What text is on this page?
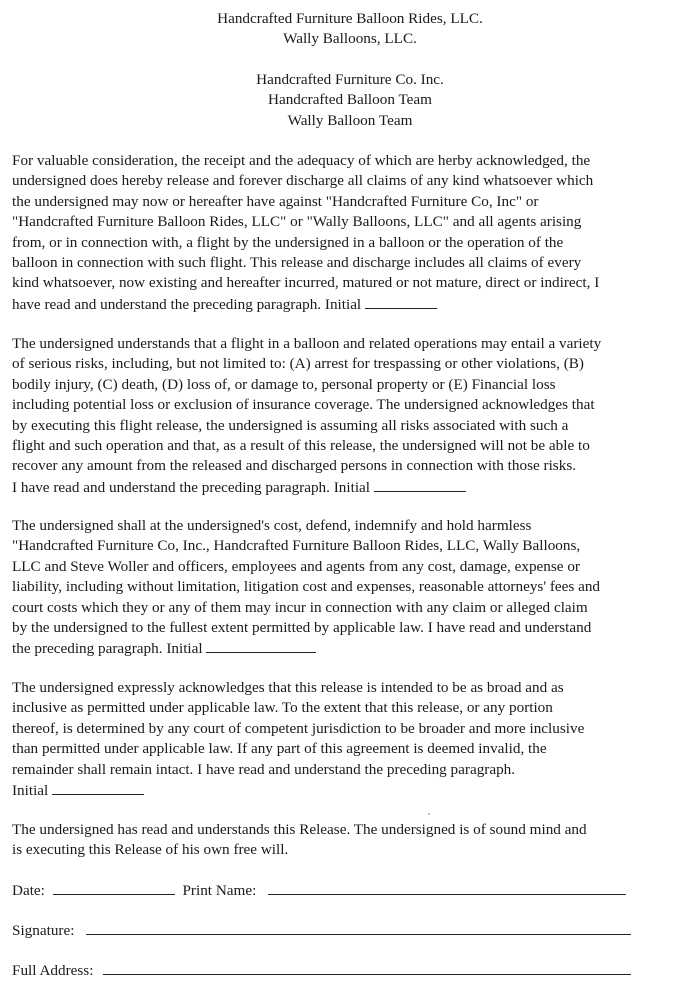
Handcrafted Furniture Balloon Rides, LLC.
Wally Balloons, LLC.
Handcrafted Furniture Co. Inc.
Handcrafted Balloon Team
Wally Balloon Team
For valuable consideration, the receipt and the adequacy of which are herby acknowledged, the
undersigned does hereby release and forever discharge all claims of any kind whatsoever which
the undersigned may now or hereafter have against "Handcrafted Furniture Co, Inc" or
"Handcrafted Furniture Balloon Rides, LLC" or "Wally Balloons, LLC" and all agents arising
from, or in connection with, a flight by the undersigned in a balloon or the operation of the
balloon in connection with such flight. This release and discharge includes all claims of every
kind whatsoever, now existing and hereafter incurred, matured or not mature, direct or indirect, I
have read and understand the preceding paragraph. Initial
The undersigned understands that a flight in a balloon and related operations may entail a variety
of serious risks, including, but not limited to: (A) arrest for trespassing or other violations, (B)
bodily injury, (C) death, (D) loss of, or damage to, personal property or (E) Financial loss
including potential loss or exclusion of insurance coverage. The undersigned acknowledges that
by executing this flight release, the undersigned is assuming all risks associated with such a
flight and such operation and that, as a result of this release, the undersigned will not be able to
recover any amount from the released and discharged persons in connection with those risks.
I have read and understand the preceding paragraph. Initial
The undersigned shall at the undersigned's cost, defend, indemnify and hold harmless
"Handcrafted Furniture Co, Inc., Handcrafted Furniture Balloon Rides, LLC, Wally Balloons,
LLC and Steve Woller and officers, employees and agents from any cost, damage, expense or
liability, including without limitation, litigation cost and expenses, reasonable attorneys' fees and
court costs which they or any of them may incur in connection with any claim or alleged claim
by the undersigned to the fullest extent permitted by applicable law. I have read and understand
the preceding paragraph. Initial
The undersigned expressly acknowledges that this release is intended to be as broad and as
inclusive as permitted under applicable law. To the extent that this release, or any portion
thereof, is determined by any court of competent jurisdiction to be broader and more inclusive
than permitted under applicable law. If any part of this agreement is deemed invalid, the
remainder shall remain intact. I have read and understand the preceding paragraph.
Initial
The undersigned has read and understands this Release. The undersigned is of sound mind and
is executing this Release of his own free will.
Date:	Print Name:
Signature:
Full Address:
